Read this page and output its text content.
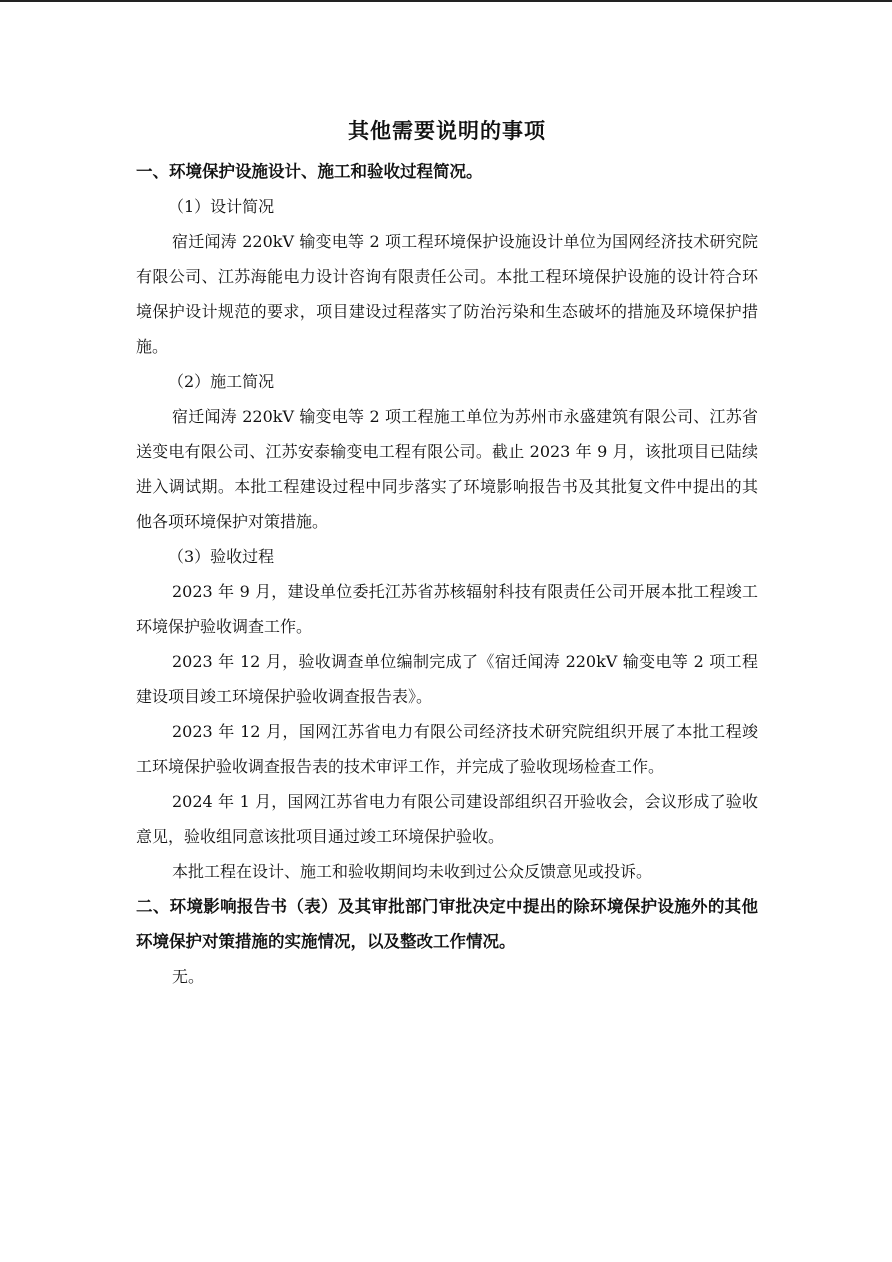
其他需要说明的事项

一、环境保护设施设计、施工和验收过程简况。

（1）设计简况

宿迁闻涛 220kV 输变电等 2 项工程环境保护设施设计单位为国网经济技术研究院有限公司、江苏海能电力设计咨询有限责任公司。本批工程环境保护设施的设计符合环境保护设计规范的要求，项目建设过程落实了防治污染和生态破坏的措施及环境保护措施。

（2）施工简况

宿迁闻涛 220kV 输变电等 2 项工程施工单位为苏州市永盛建筑有限公司、江苏省送变电有限公司、江苏安泰输变电工程有限公司。截止 2023 年 9 月，该批项目已陆续进入调试期。本批工程建设过程中同步落实了环境影响报告书及其批复文件中提出的其他各项环境保护对策措施。

（3）验收过程

2023 年 9 月，建设单位委托江苏省苏核辐射科技有限责任公司开展本批工程竣工环境保护验收调查工作。

2023 年 12 月，验收调查单位编制完成了《宿迁闻涛 220kV 输变电等 2 项工程建设项目竣工环境保护验收调查报告表》。

2023 年 12 月，国网江苏省电力有限公司经济技术研究院组织开展了本批工程竣工环境保护验收调查报告表的技术审评工作，并完成了验收现场检查工作。

2024 年 1 月，国网江苏省电力有限公司建设部组织召开验收会，会议形成了验收意见，验收组同意该批项目通过竣工环境保护验收。

本批工程在设计、施工和验收期间均未收到过公众反馈意见或投诉。

二、环境影响报告书（表）及其审批部门审批决定中提出的除环境保护设施外的其他环境保护对策措施的实施情况，以及整改工作情况。

无。
